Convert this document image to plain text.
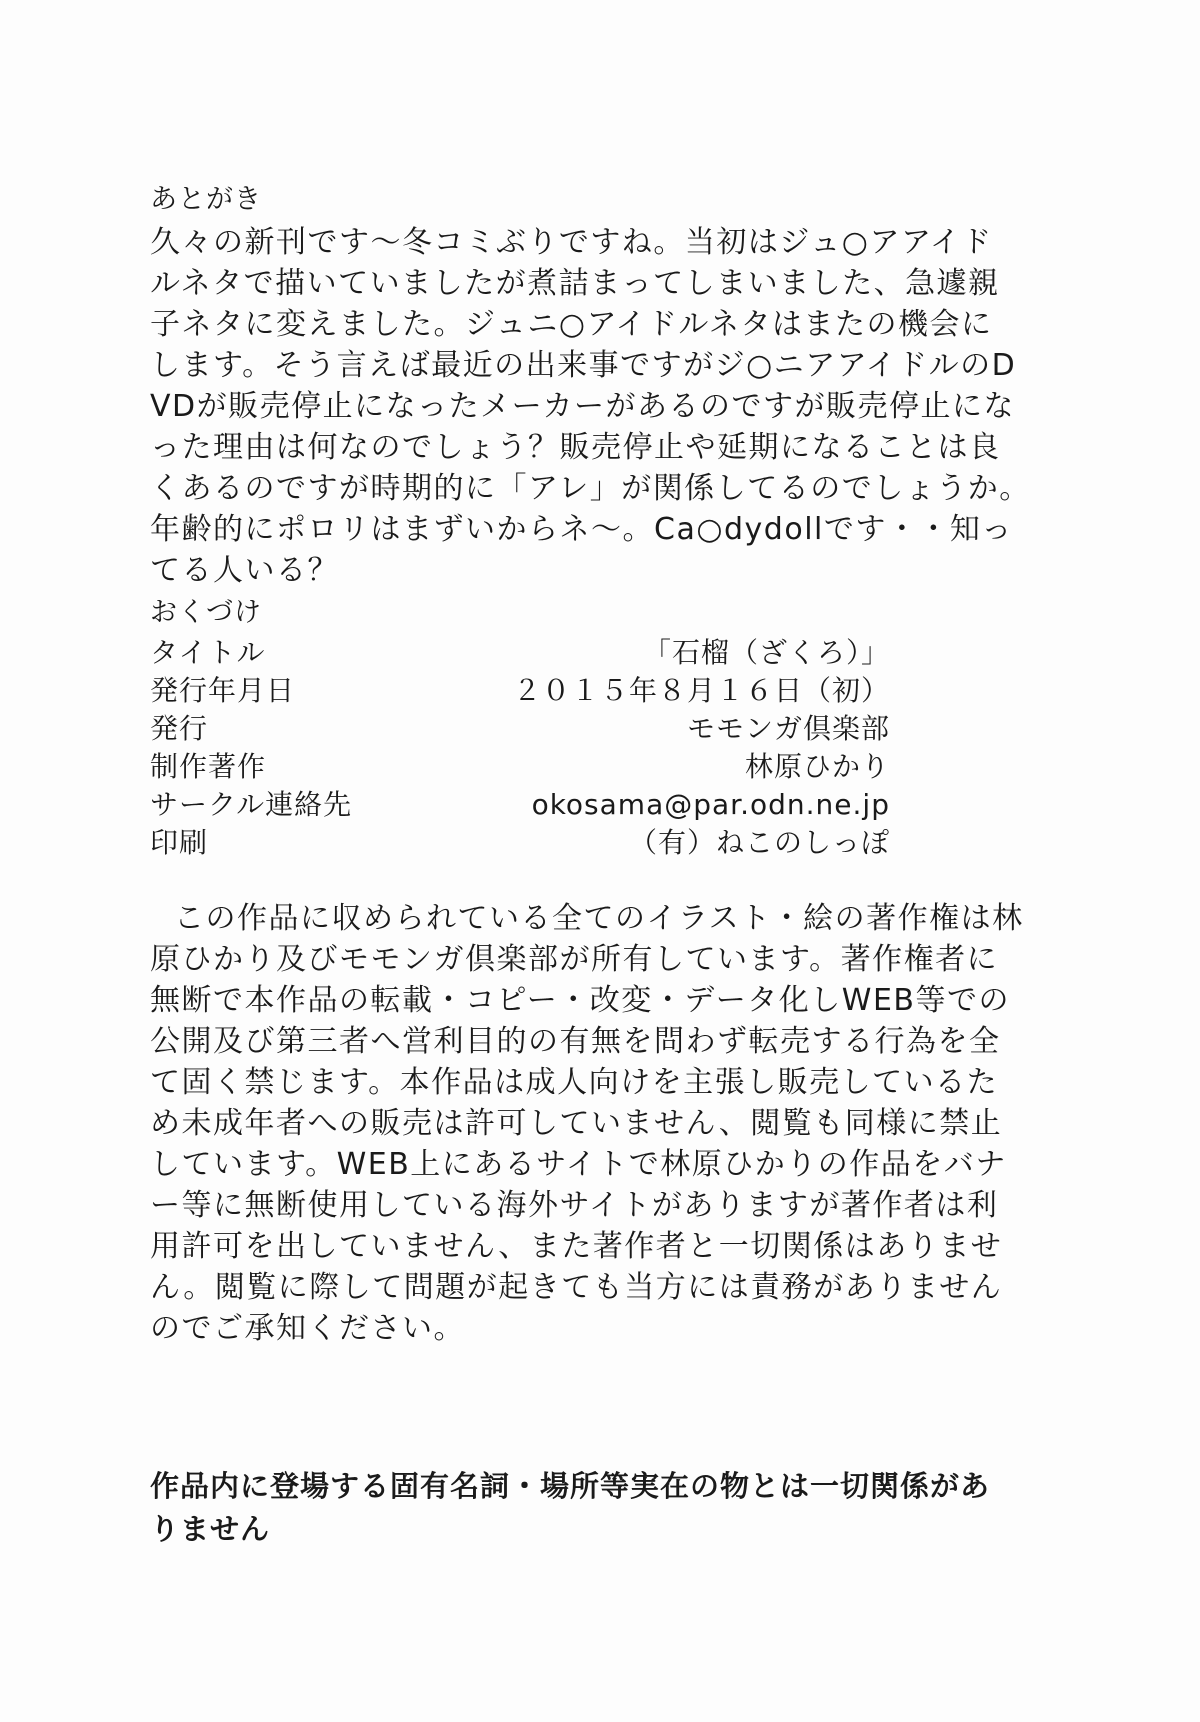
あとがき
久々の新刊です～冬コミぶりですね。当初はジュ○アアイド
ルネタで描いていましたが煮詰まってしまいました、急遽親
子ネタに変えました。ジュニ○アイドルネタはまたの機会に
します。そう言えば最近の出来事ですがジ○ニアアイドルのD
VDが販売停止になったメーカーがあるのですが販売停止にな
った理由は何なのでしょう？販売停止や延期になることは良
くあるのですが時期的に「アレ」が関係してるのでしょうか。
年齢的にポロリはまずいからネ～。Ca○dydollです・・知っ
てる人いる？
おくづけ
タイトル	「石榴（ざくろ）」
発行年月日	２０１５年８月１６日（初）
発行	モモンガ倶楽部
制作著作	林原ひかり
サークル連絡先	okosama@par.odn.ne.jp
印刷	（有）ねこのしっぽ
この作品に収められている全てのイラスト・絵の著作権は林
原ひかり及びモモンガ倶楽部が所有しています。著作権者に
無断で本作品の転載・コピー・改変・データ化しWEB等での
公開及び第三者へ営利目的の有無を問わず転売する行為を全
て固く禁じます。本作品は成人向けを主張し販売しているた
め未成年者への販売は許可していません、閲覧も同様に禁止
しています。WEB上にあるサイトで林原ひかりの作品をバナ
ー等に無断使用している海外サイトがありますが著作者は利
用許可を出していません、また著作者と一切関係はありませ
ん。閲覧に際して問題が起きても当方には責務がありません
のでご承知ください。
作品内に登場する固有名詞・場所等実在の物とは一切関係があ
りません
